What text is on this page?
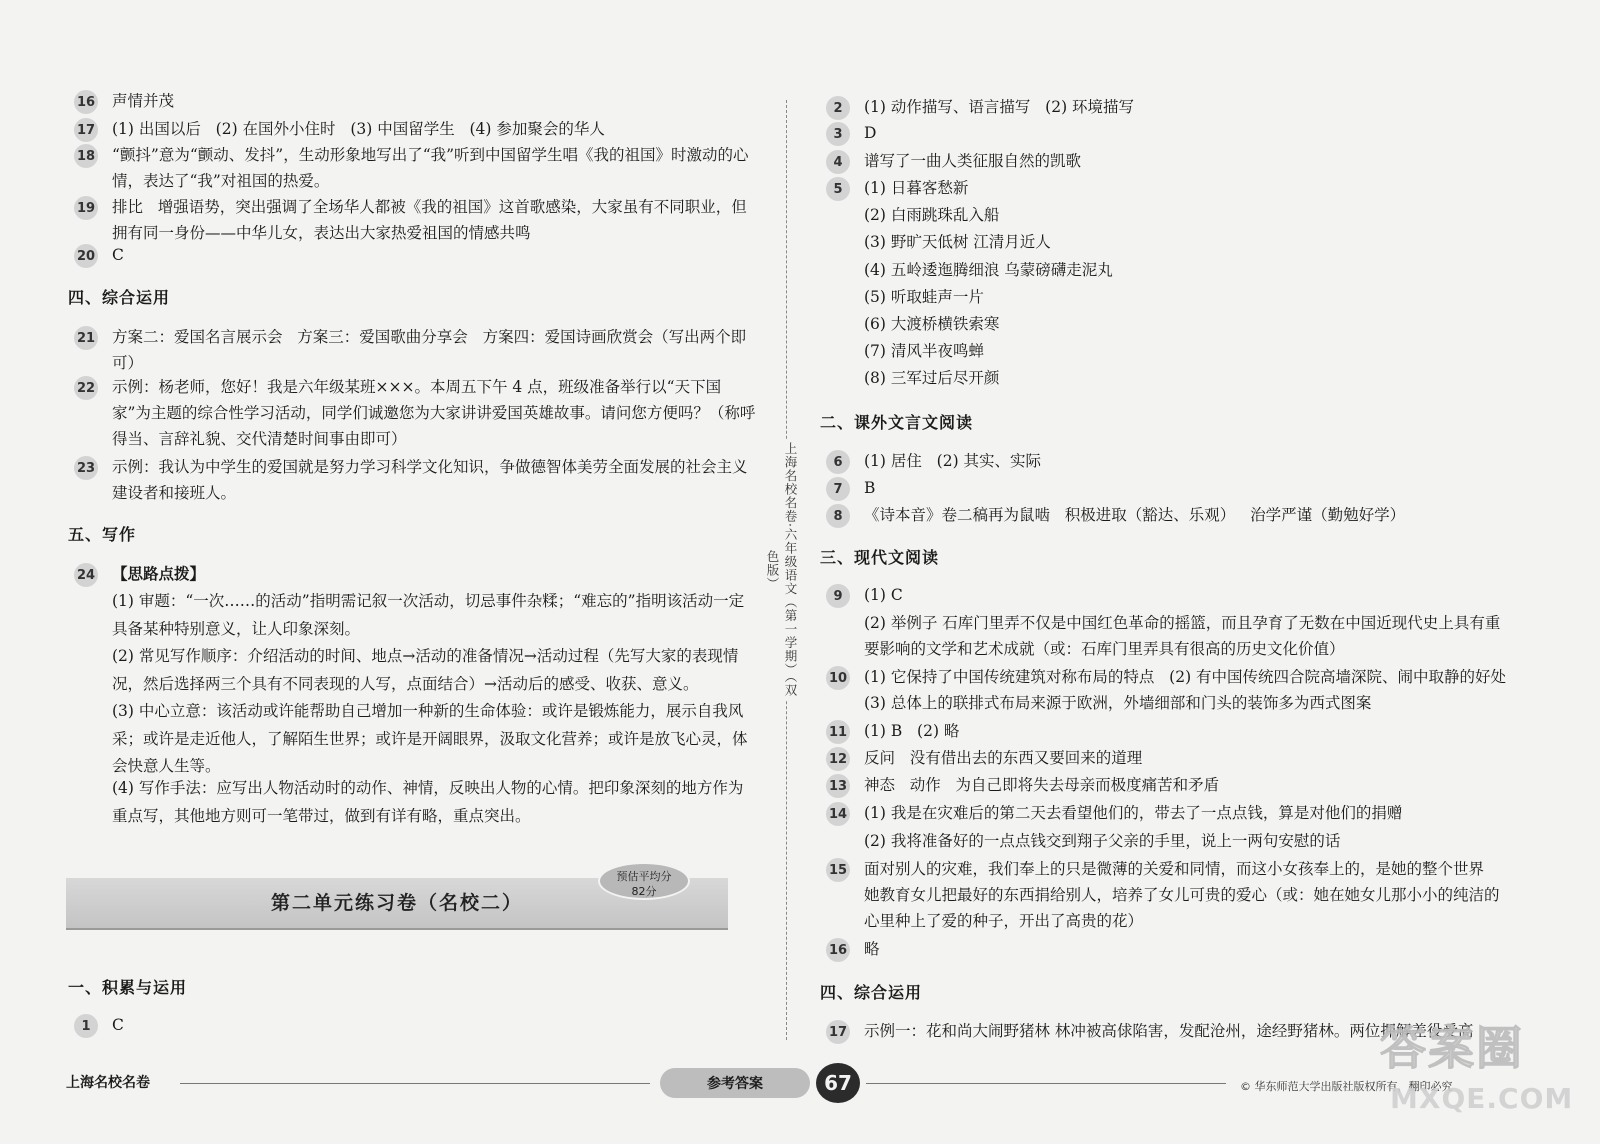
16 声情并茂
17 (1) 出国以后   (2) 在国外小住时   (3) 中国留学生   (4) 参加聚会的华人
18 “颤抖”意为“颤动、发抖”，生动形象地写出了“我”听到中国留学生唱《我的祖国》时激动的心情，表达了“我”对祖国的热爱。
19 排比   增强语势，突出强调了全场华人都被《我的祖国》这首歌感染，大家虽有不同职业，但拥有同一身份——中华儿女，表达出大家热爱祖国的情感共鸣
20 C
四、综合运用
21 方案二：爱国名言展示会   方案三：爱国歌曲分享会   方案四：爱国诗画欣赏会（写出两个即可）
22 示例：杨老师，您好！我是六年级某班×××。本周五下午 4 点，班级准备举行以“天下国家”为主题的综合性学习活动，同学们诚邀您为大家讲讲爱国英雄故事。请问您方便吗？（称呼得当、言辞礼貌、交代清楚时间事由即可）
23 示例：我认为中学生的爱国就是努力学习科学文化知识，争做德智体美劳全面发展的社会主义建设者和接班人。
五、写作
24 【思路点拨】
(1) 审题：“一次……的活动”指明需记叙一次活动，切忌事件杂糅；“难忘的”指明该活动一定具备某种特别意义，让人印象深刻。
(2) 常见写作顺序：介绍活动的时间、地点→活动的准备情况→活动过程（先写大家的表现情况，然后选择两三个具有不同表现的人写，点面结合）→活动后的感受、收获、意义。
(3) 中心立意：该活动或许能帮助自己增加一种新的生命体验：或许是锻炼能力，展示自我风采；或许是走近他人，了解陌生世界；或许是开阔眼界，汲取文化营养；或许是放飞心灵，体会快意人生等。
(4) 写作手法：应写出人物活动时的动作、神情，反映出人物的心情。把印象深刻的地方作为重点写，其他地方则可一笔带过，做到有详有略，重点突出。
第二单元练习卷（名校二）
预估平均分
82分
一、积累与运用
1	C
上海名校名卷·六年级语文（第一学期）（双色版）
2	(1) 动作描写、语言描写   (2) 环境描写
3	D
4	谱写了一曲人类征服自然的凯歌
5	(1) 日暮客愁新
(2) 白雨跳珠乱入船
(3) 野旷天低树 江清月近人
(4) 五岭逶迤腾细浪 乌蒙磅礴走泥丸
(5) 听取蛙声一片
(6) 大渡桥横铁索寒
(7) 清风半夜鸣蝉
(8) 三军过后尽开颜
二、课外文言文阅读
6	(1) 居住   (2) 其实、实际
7	B
8	《诗本音》卷二稿再为鼠啮   积极进取（豁达、乐观）   治学严谨（勤勉好学）
三、现代文阅读
9	(1) C
(2) 举例子 石库门里弄不仅是中国红色革命的摇篮，而且孕育了无数在中国近现代史上具有重要影响的文学和艺术成就（或：石库门里弄具有很高的历史文化价值）
10 (1) 它保持了中国传统建筑对称布局的特点   (2) 有中国传统四合院高墙深院、闹中取静的好处   (3) 总体上的联排式布局来源于欧洲，外墙细部和门头的装饰多为西式图案
11 (1) B   (2) 略
12 反问   没有借出去的东西又要回来的道理
13 神态   动作   为自己即将失去母亲而极度痛苦和矛盾
14 (1) 我是在灾难后的第二天去看望他们的，带去了一点点钱，算是对他们的捐赠
(2) 我将准备好的一点点钱交到翔子父亲的手里，说上一两句安慰的话
15 面对别人的灾难，我们奉上的只是微薄的关爱和同情，而这小女孩奉上的，是她的整个世界   她教育女儿把最好的东西捐给别人，培养了女儿可贵的爱心（或：她在她女儿那小小的纯洁的心里种上了爱的种子，开出了高贵的花）
16 略
四、综合运用
17 示例一：花和尚大闹野猪林 林冲被高俅陷害，发配沧州，途经野猪林。两位押解差役受高
上海名校名卷	参考答案	67	© 华东师范大学出版社版权所有，翻印必究
答案圈
MXQE.COM
